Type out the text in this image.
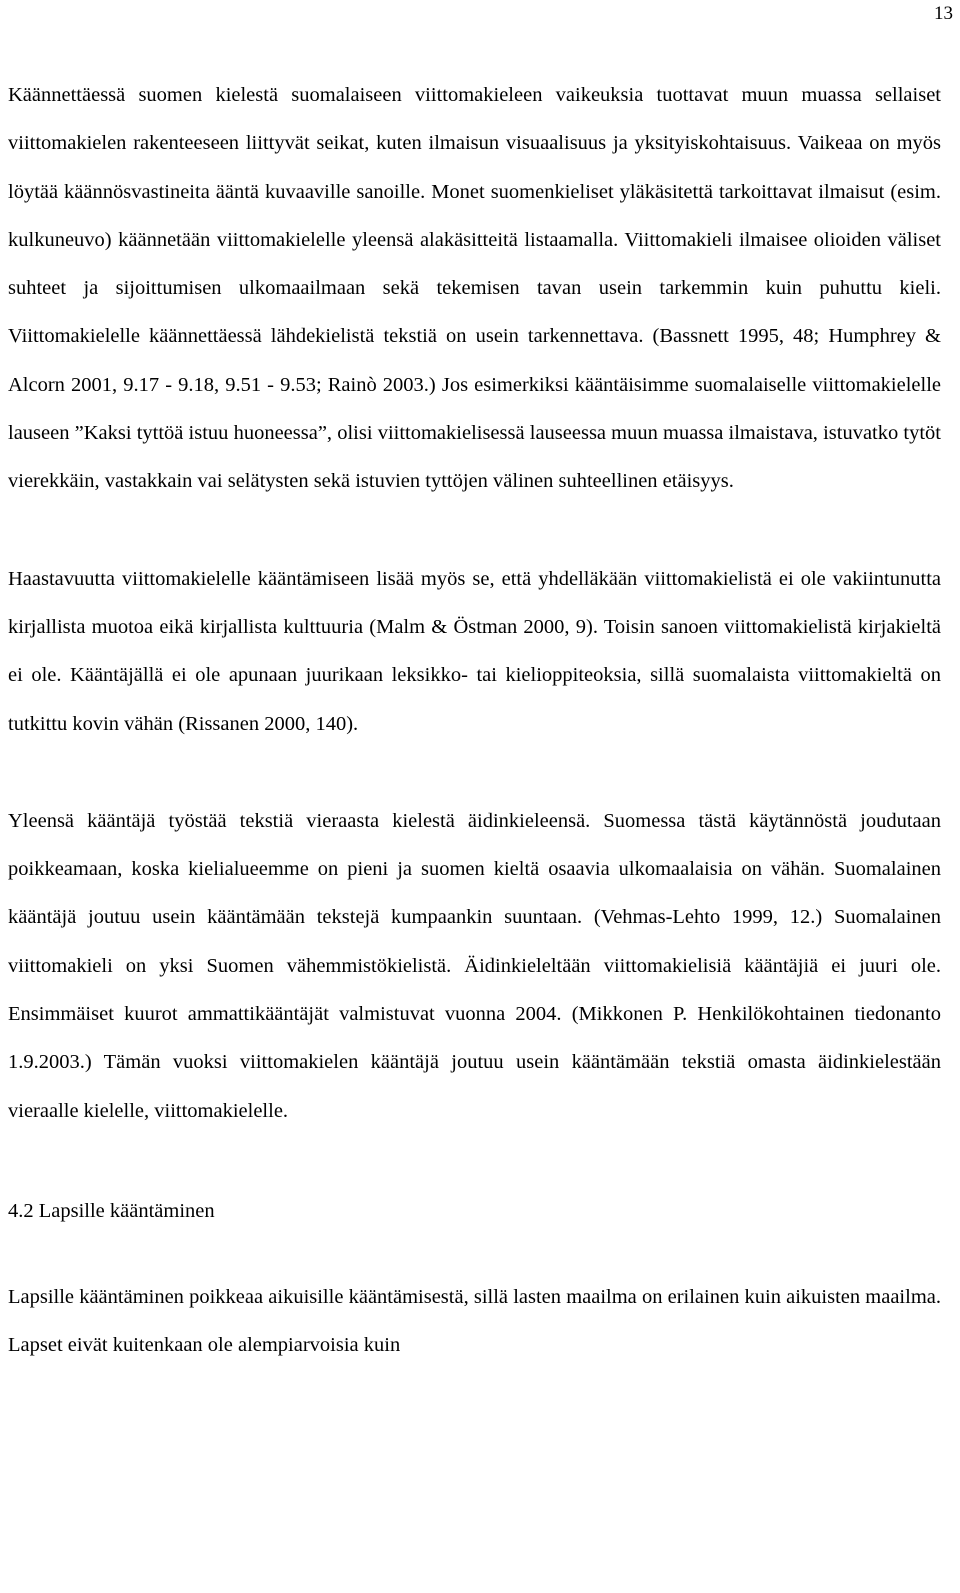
13

Käännettäessä suomen kielestä suomalaiseen viittomakieleen vaikeuksia tuottavat muun muassa sellaiset viittomakielen rakenteeseen liittyvät seikat, kuten ilmaisun visuaalisuus ja yksityiskohtaisuus. Vaikeaa on myös löytää käännösvastineita ääntä kuvaaville sanoille. Monet suomenkieliset yläkäsitettä tarkoittavat ilmaisut (esim. kulkuneuvo) käännetään viittomakielelle yleensä alakäsitteitä listaamalla. Viittomakieli ilmaisee olioiden väliset suhteet ja sijoittumisen ulkomaailmaan sekä tekemisen tavan usein tarkemmin kuin puhuttu kieli. Viittomakielelle käännettäessä lähdekielistä tekstiä on usein tarkennettava. (Bassnett 1995, 48; Humphrey & Alcorn 2001, 9.17 - 9.18, 9.51 - 9.53; Rainò 2003.) Jos esimerkiksi kääntäisimme suomalaiselle viittomakielelle lauseen ”Kaksi tyttöä istuu huoneessa”, olisi viittomakielisessä lauseessa muun muassa ilmaistava, istuvatko tytöt vierekkäin, vastakkain vai selätysten sekä istuvien tyttöjen välinen suhteellinen etäisyys.

Haastavuutta viittomakielelle kääntämiseen lisää myös se, että yhdelläkään viittomakielistä ei ole vakiintunutta kirjallista muotoa eikä kirjallista kulttuuria (Malm & Östman 2000, 9). Toisin sanoen viittomakielistä kirjakieltä ei ole. Kääntäjällä ei ole apunaan juurikaan leksikko- tai kielioppiteoksia, sillä suomalaista viittomakieltä on tutkittu kovin vähän (Rissanen 2000, 140).

Yleensä kääntäjä työstää tekstiä vieraasta kielestä äidinkieleensä. Suomessa tästä käytännöstä joudutaan poikkeamaan, koska kielialueemme on pieni ja suomen kieltä osaavia ulkomaalaisia on vähän. Suomalainen kääntäjä joutuu usein kääntämään tekstejä kumpaankin suuntaan. (Vehmas-Lehto 1999, 12.) Suomalainen viittomakieli on yksi Suomen vähemmistökielistä. Äidinkieleltään viittomakielisiä kääntäjiä ei juuri ole. Ensimmäiset kuurot ammattikääntäjät valmistuvat vuonna 2004. (Mikkonen P. Henkilökohtainen tiedonanto 1.9.2003.) Tämän vuoksi viittomakielen kääntäjä joutuu usein kääntämään tekstiä omasta äidinkielestään vieraalle kielelle, viittomakielelle.

4.2 Lapsille kääntäminen

Lapsille kääntäminen poikkeaa aikuisille kääntämisestä, sillä lasten maailma on erilainen kuin aikuisten maailma. Lapset eivät kuitenkaan ole alempiarvoisia kuin
